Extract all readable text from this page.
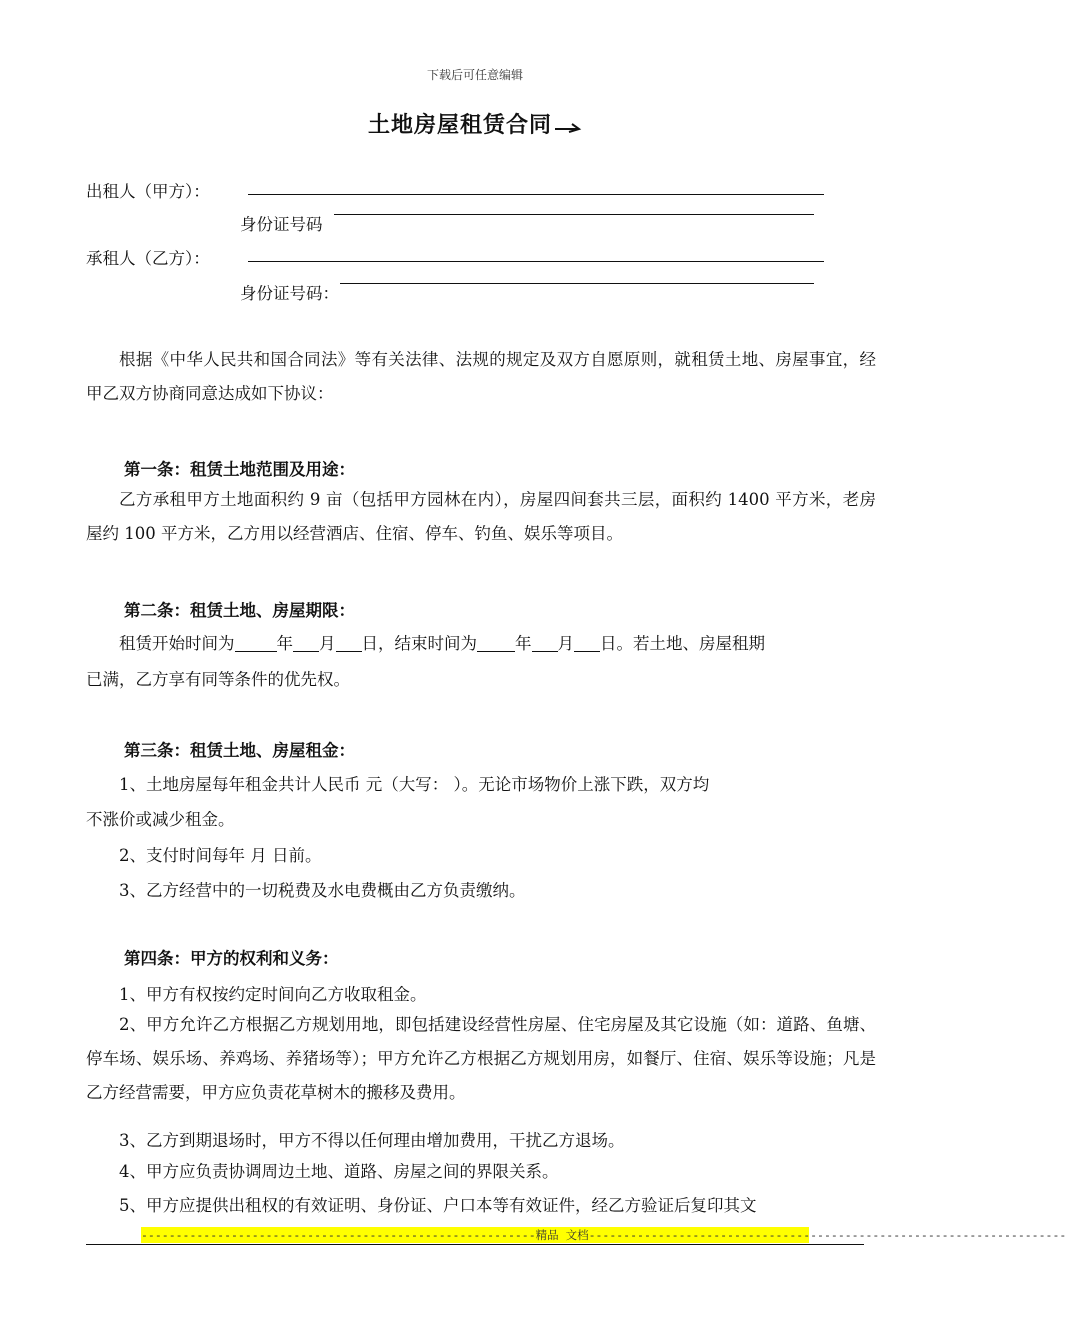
下载后可任意编辑
土地房屋租赁合同
出租人（甲方）：
身份证号码
承租人（乙方）：
身份证号码：

根据《中华人民共和国合同法》等有关法律、法规的规定及双方自愿原则，就租赁土地、房屋事宜，经甲乙双方协商同意达成如下协议：

第一条：租赁土地范围及用途：

乙方承租甲方土地面积约 9 亩（包括甲方园林在内），房屋四间套共三层，面积约 1400 平方米，老房屋约 100 平方米，乙方用以经营酒店、住宿、停车、钓鱼、娱乐等项目。

第二条：租赁土地、房屋期限：
租赁开始时间为	年 月 日，结束时间为 年 月 日。若土地、房屋租期
已满，乙方享有同等条件的优先权。
第三条：租赁土地、房屋租金：
1、土地房屋每年租金共计人民币 元（大写： ）。无论市场物价上涨下跌，双方均
不涨价或减少租金。
2、支付时间每年 月 日前。
3、乙方经营中的一切税费及水电费概由乙方负责缴纳。
第四条：甲方的权利和义务：
1、甲方有权按约定时间向乙方收取租金。

2、甲方允许乙方根据乙方规划用地，即包括建设经营性房屋、住宅房屋及其它设施（如：道路、鱼塘、停车场、娱乐场、养鸡场、养猪场等）；甲方允许乙方根据乙方规划用房，如餐厅、住宿、娱乐等设施；凡是乙方经营需要，甲方应负责花草树木的搬移及费用。

3、乙方到期退场时，甲方不得以任何理由增加费用，干扰乙方退场。
4、甲方应负责协调周边土地、道路、房屋之间的界限关系。
5、甲方应提供出租权的有效证明、身份证、户口本等有效证件，经乙方验证后复印其文
---------------------------------------------------------精品 文档---------------------------------------------------------------------
